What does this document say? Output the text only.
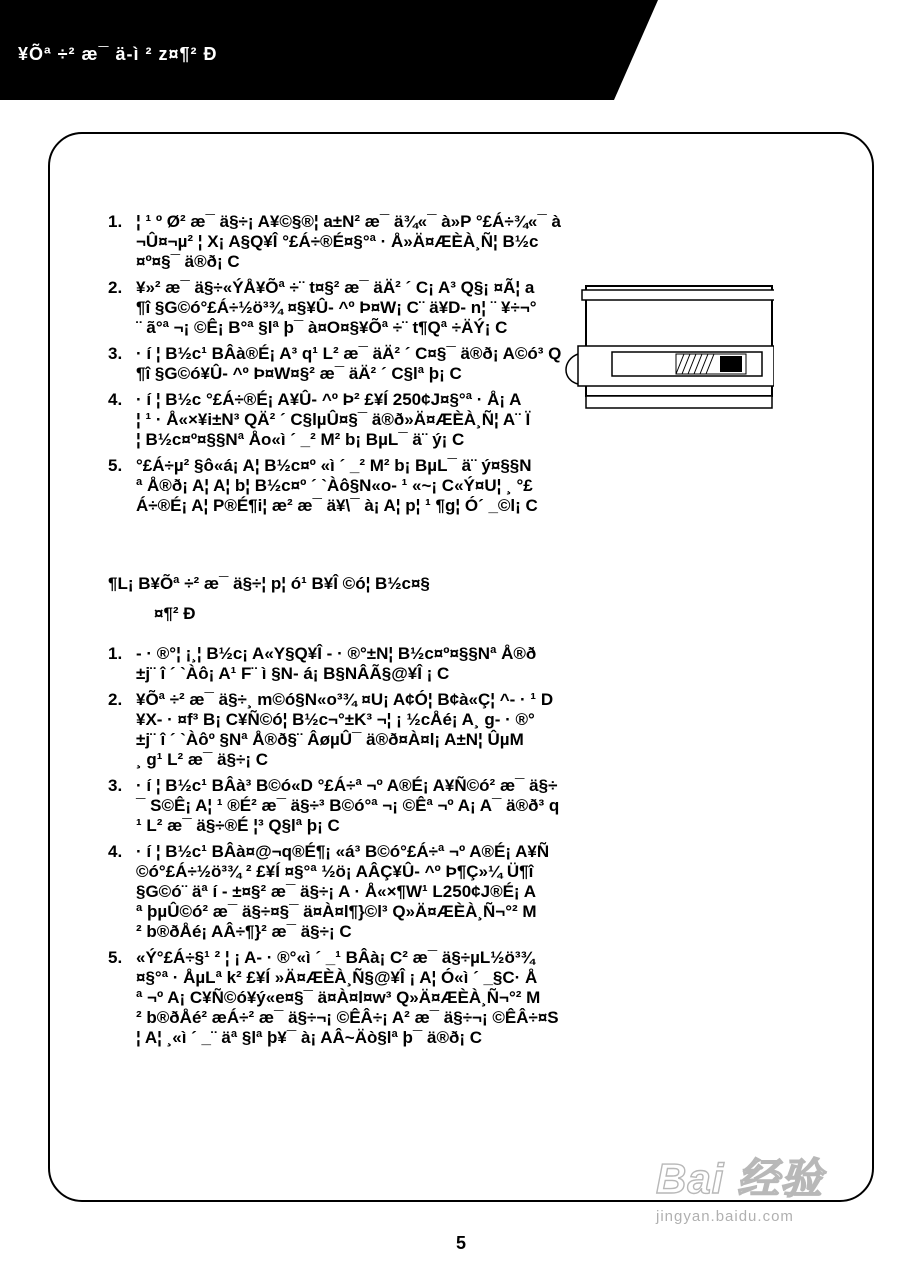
¥Õª ÷² æ¯ ä-ì ² z¤¶² Ð
1. ¦ ¹ º Ø² æ¯ ä§÷¡ A¥©§®¦ a±N² æ¯ ä¾«¯ à»P °£Á÷¾«¯ à
¬Û¤¬µ² ¦ X¡ A§Q¥Î °£Á÷®É¤§°ª · Å»Ä¤ÆÈÀ¸Ñ¦ B½c
¤º¤§¯ ä®ð¡ C
2. ¥»² æ¯ ä§÷«ÝÅ¥Õª ÷¨ t¤§² æ¯ äÄ² ´ C¡ A³ Q§¡ ¤Ã¦ a
¶î §G©ó°£Á÷½ö³¾ ¤§¥Û- ^º Þ¤W¡ C¨ ä¥D- n¦ ¨ ¥÷¬°
¨ ã°ª ¬¡ ©Ê¡ B°ª §lª þ¯ à¤O¤§¥Õª ÷¨ t¶Qª ÷ÄÝ¡ C
3. · í ¦ B½c¹ BÂà®É¡ A³ q¹ L² æ¯ äÄ² ´ C¤§¯ ä®ð¡ A©ó³ Q
¶î §G©ó¥Û- ^º Þ¤W¤§² æ¯ äÄ² ´ C§lª þ¡ C
4. · í ¦ B½c °£Á÷®É¡ A¥Û- ^º Þ² £¥Í 250¢J¤§°ª · Å¡ A
¦ ¹ · Å«×¥i±N³ QÄ² ´ C§lµÛ¤§¯ ä®ð»Ä¤ÆÈÀ¸Ñ¦ A¨ Ï
¦ B½c¤º¤§§Nª Åo«ì ´ _² M² b¡ BµL¯ ä¨ ý¡ C
5. °£Á÷µ² §ô«á¡ A¦ B½c¤º «ì ´ _² M² b¡ BµL¯ ä¨ ý¤§§N
ª Å®ð¡ A¦ A¦ b¦ B½c¤º ´ `Àô§N«o- ¹ «~¡ C«Ý¤U¦ ¸ °£
Á÷®É¡ A¦ P®É¶i¦ æ² æ¯ ä¥\¯ à¡ A¦ p¦ ¹ ¶g¦ Ó´ _©l¡ C
¶L¡ B¥Õª ÷² æ¯ ä§÷¦ p¦ ó¹ B¥Î ©ó¦ B½c¤§
¤¶² Ð
1. - · ®°¦ ¡¸¦ B½c¡ A«Y§Q¥Î - · ®°±N¦ B½c¤º¤§§Nª Å®ð
±j¨ î ´ `Àô¡ A¹ F¨ ì §N- á¡ B§NÂÃ§@¥Î ¡ C
2. ¥Õª ÷² æ¯ ä§÷¸ m©ó§N«o³¾ ¤U¡ A¢Ó¦ B¢à«Ç¦ ^- · ¹ D
¥X- · ¤f³ B¡ C¥Ñ©ó¦ B½c¬°±K³ ¬¦ ¡ ½cÅé¡ A¸ g- · ®°
±j¨ î ´ `Àôº §Nª Å®ð§¨ ÂøµÛ¯ ä®ð¤À¤l¡ A±N¦ ÛµM
¸ g¹ L² æ¯ ä§÷¡ C
3. · í ¦ B½c¹ BÂà³ B©ó«D °£Á÷ª ¬º A®É¡ A¥Ñ©ó² æ¯ ä§÷
¯ S©Ê¡ A¦ ¹ ®É² æ¯ ä§÷³ B©ó°ª ¬¡ ©Êª ¬º A¡ A¯ ä®ð³ q
¹ L² æ¯ ä§÷®É ¦³ Q§lª þ¡ C
4. · í ¦ B½c¹ BÂà¤@¬q®É¶¡ «á³ B©ó°£Á÷ª ¬º A®É¡ A¥Ñ
©ó°£Á÷½ö³¾ ² £¥Í ¤§°ª ½ö¡ AÂÇ¥Û- ^º Þ¶Ç»¼ Ü¶î
§G©ó¨ äª í - ±¤§² æ¯ ä§÷¡ A · Å«×¶W¹ L250¢J®É¡ A
ª þµÛ©ó² æ¯ ä§÷¤§¯ ä¤À¤l¶}©l³ Q»Ä¤ÆÈÀ¸Ñ¬°² M
² b®ðÅé¡ AÂ÷¶}² æ¯ ä§÷¡ C
5. «Ý°£Á÷§¹ ² ¦ ¡ A- · ®°«ì ´ _¹ BÂà¡ C² æ¯ ä§÷µL½ö³¾
¤§°ª · ÅµLª k² £¥Í »Ä¤ÆÈÀ¸Ñ§@¥Î ¡ A¦ Ó«ì ´ _§C· Å
ª ¬º A¡ C¥Ñ©ó¥ý«e¤§¯ ä¤À¤l¤w³ Q»Ä¤ÆÈÀ¸Ñ¬°² M
² b®ðÅé² æÁ÷² æ¯ ä§÷¬¡ ©ÊÂ÷¡ A² æ¯ ä§÷¬¡ ©ÊÂ÷¤S
¦ A¦ ¸«ì ´ _¨ äª §lª þ¥¯ à¡ AÂ~Äò§lª þ¯ ä®ð¡ C
Bai 经验
jingyan.baidu.com
5
